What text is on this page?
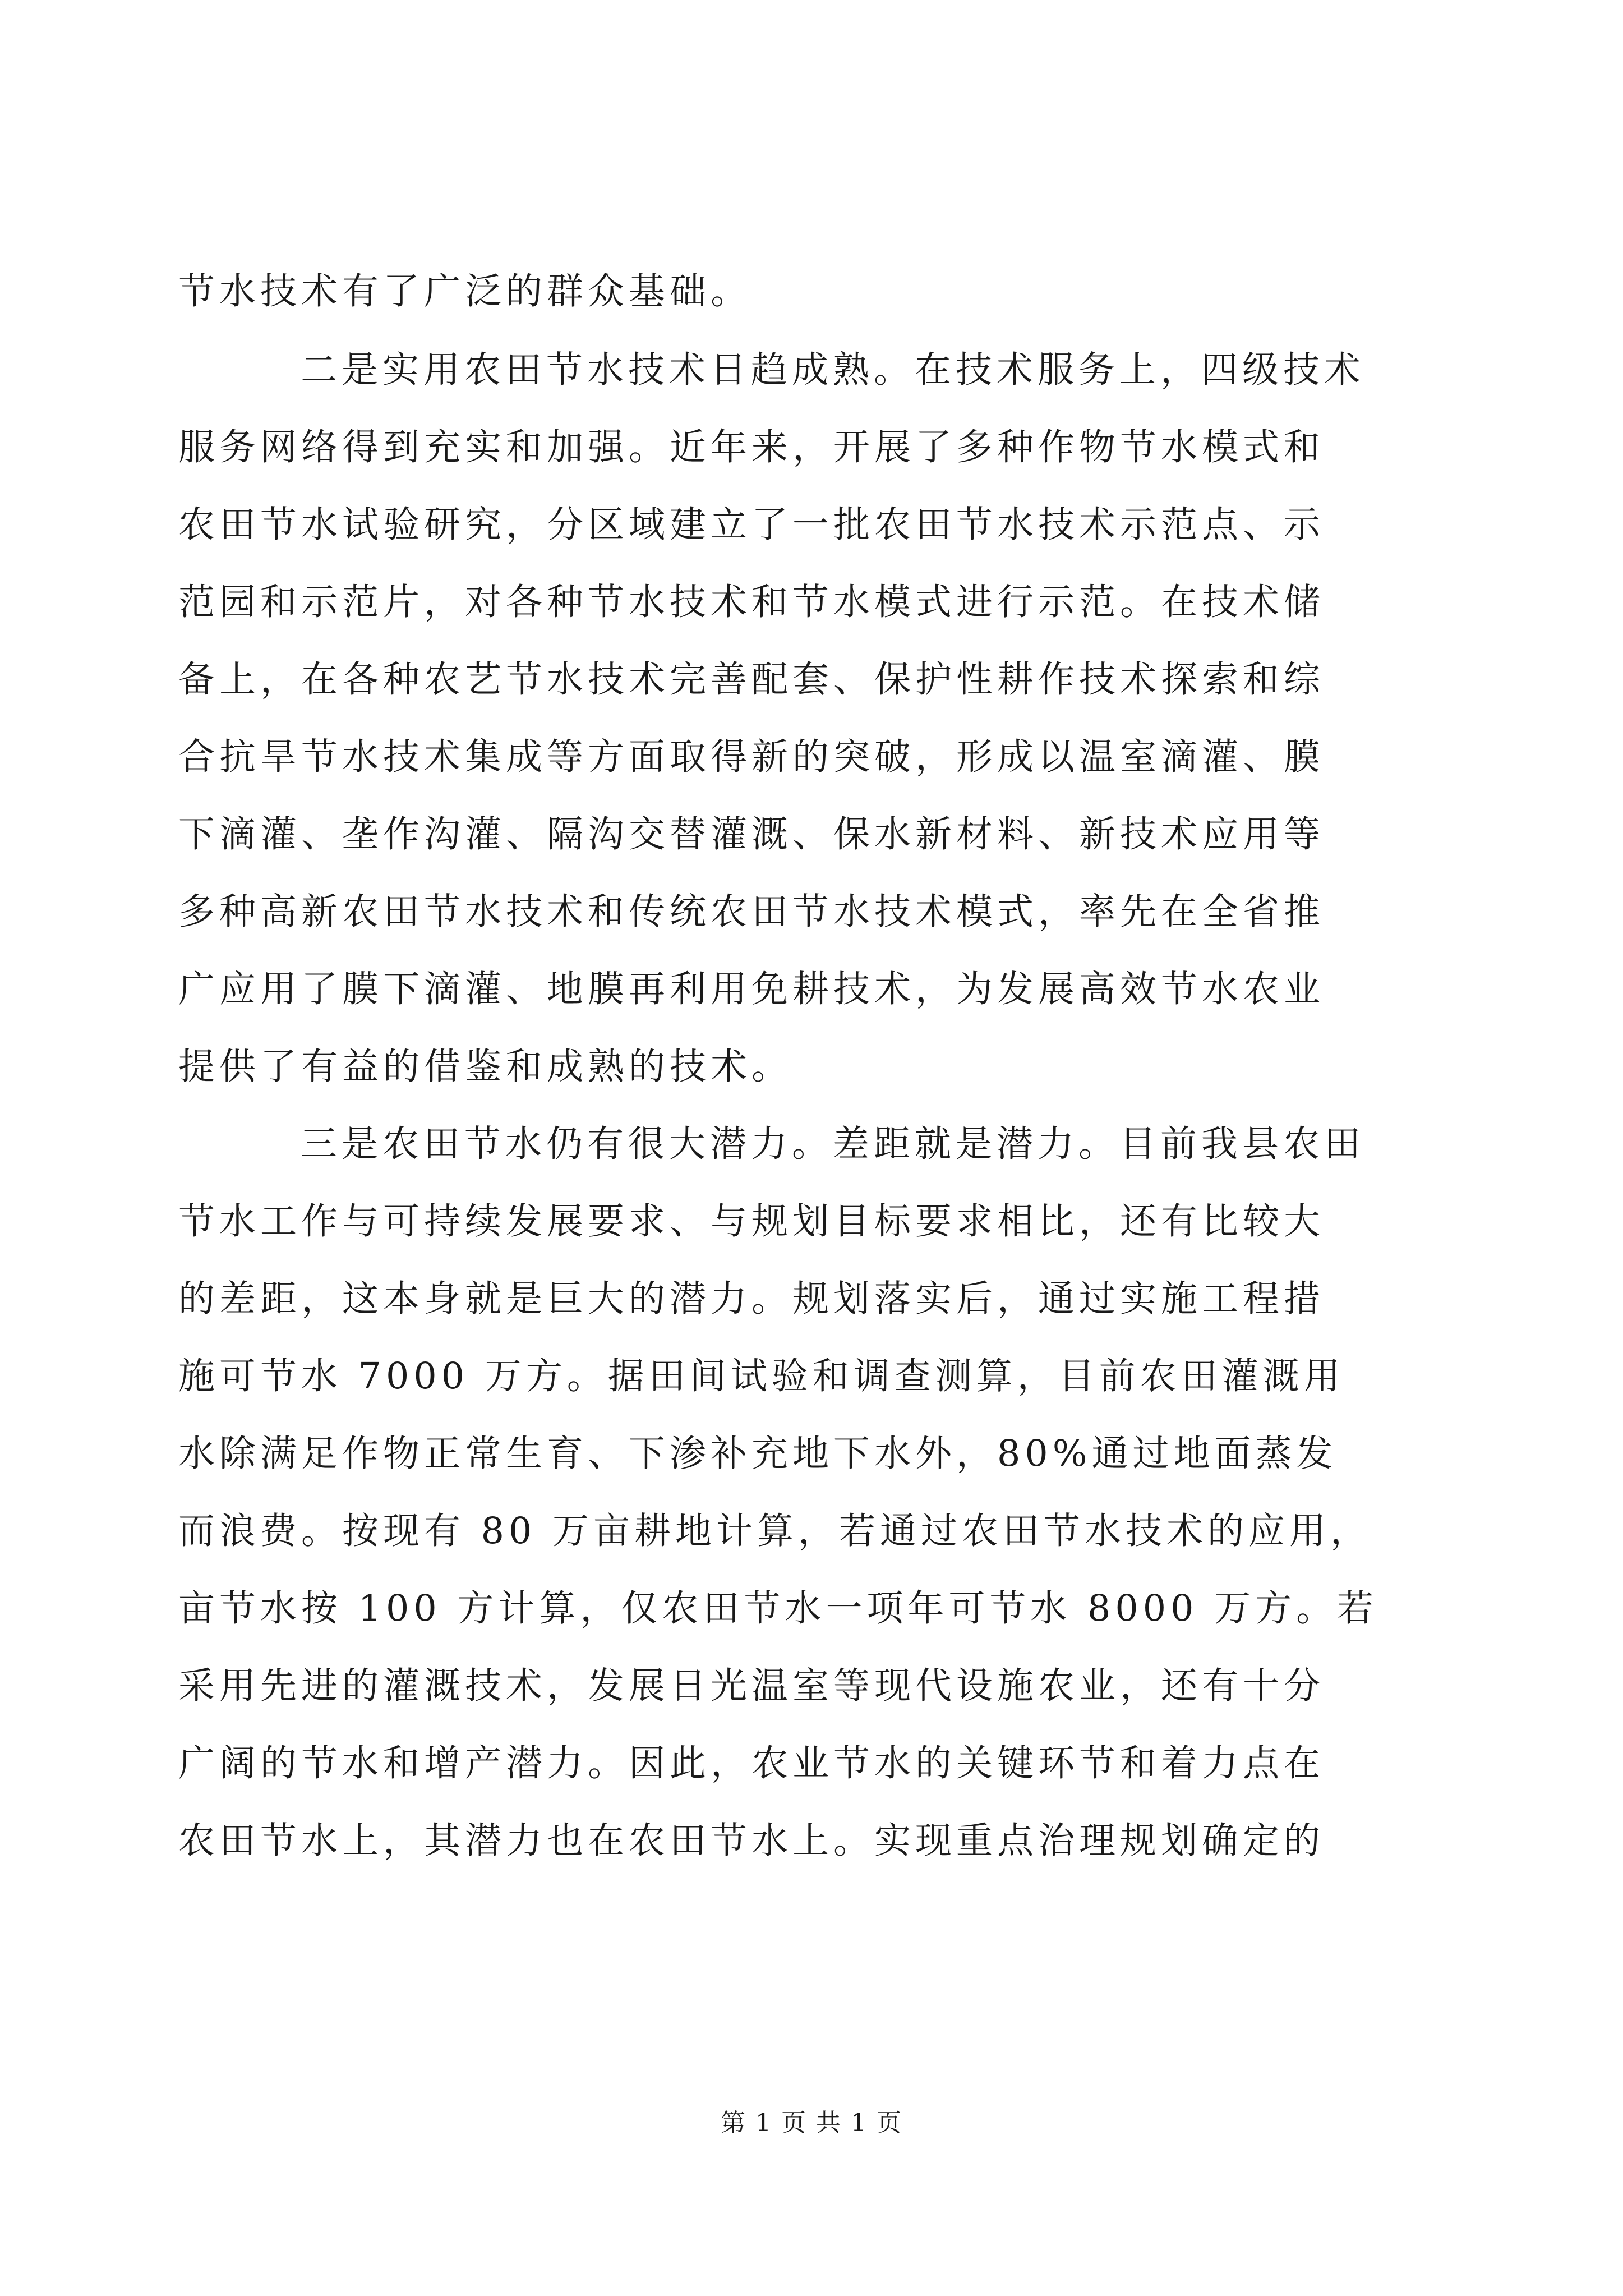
节水技术有了广泛的群众基础。
二是实用农田节水技术日趋成熟。在技术服务上，四级技术
服务网络得到充实和加强。近年来，开展了多种作物节水模式和
农田节水试验研究，分区域建立了一批农田节水技术示范点、示
范园和示范片，对各种节水技术和节水模式进行示范。在技术储
备上，在各种农艺节水技术完善配套、保护性耕作技术探索和综
合抗旱节水技术集成等方面取得新的突破，形成以温室滴灌、膜
下滴灌、垄作沟灌、隔沟交替灌溉、保水新材料、新技术应用等
多种高新农田节水技术和传统农田节水技术模式，率先在全省推
广应用了膜下滴灌、地膜再利用免耕技术，为发展高效节水农业
提供了有益的借鉴和成熟的技术。
三是农田节水仍有很大潜力。差距就是潜力。目前我县农田
节水工作与可持续发展要求、与规划目标要求相比，还有比较大
的差距，这本身就是巨大的潜力。规划落实后，通过实施工程措
施可节水 7000 万方。据田间试验和调查测算，目前农田灌溉用
水除满足作物正常生育、下渗补充地下水外，80%通过地面蒸发
而浪费。按现有 80 万亩耕地计算，若通过农田节水技术的应用，
亩节水按 100 方计算，仅农田节水一项年可节水 8000 万方。若
采用先进的灌溉技术，发展日光温室等现代设施农业，还有十分
广阔的节水和增产潜力。因此，农业节水的关键环节和着力点在
农田节水上，其潜力也在农田节水上。实现重点治理规划确定的
第 1 页 共 1 页
